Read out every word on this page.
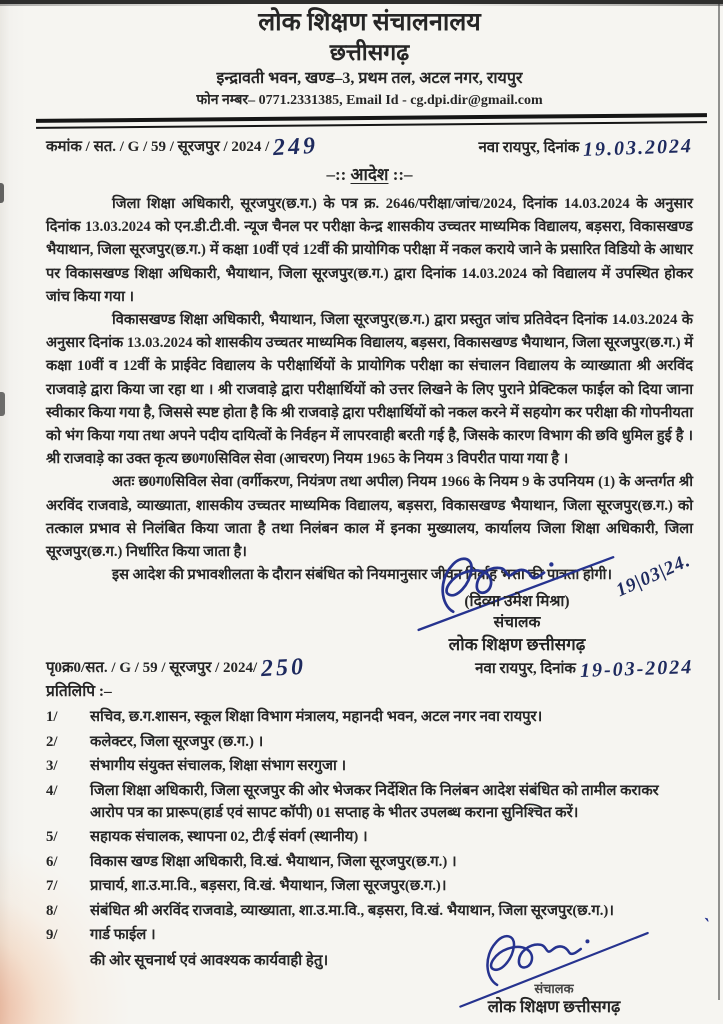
लोक शिक्षण संचालनालय
छत्तीसगढ़
इन्द्रावती भवन, खण्ड–3, प्रथम तल, अटल नगर, रायपुर
फोन नम्बर– 0771.2331385, Email Id - cg.dpi.dir@gmail.com
कमांक / सत. / G / 59 / सूरजपुर / 2024 / 249	नवा रायपुर, दिनांक 19.03.2024
–:: आदेश ::–

जिला शिक्षा अधिकारी, सूरजपुर(छ.ग.) के पत्र क्र. 2646/परीक्षा/जांच/2024, दिनांक 14.03.2024 के अनुसार दिनांक 13.03.2024 को एन.डी.टी.वी. न्यूज चैनल पर परीक्षा केन्द्र शासकीय उच्चतर माध्यमिक विद्यालय, बड़सरा, विकासखण्ड भैयाथान, जिला सूरजपुर(छ.ग.) में कक्षा 10वीं एवं 12वीं की प्रायोगिक परीक्षा में नकल कराये जाने के प्रसारित विडियो के आधार पर विकासखण्ड शिक्षा अधिकारी, भैयाथान, जिला सूरजपुर(छ.ग.) द्वारा दिनांक 14.03.2024 को विद्यालय में उपस्थित होकर जांच किया गया ।

विकासखण्ड शिक्षा अधिकारी, भैयाथान, जिला सूरजपुर(छ.ग.) द्वारा प्रस्तुत जांच प्रतिवेदन दिनांक 14.03.2024 के अनुसार दिनांक 13.03.2024 को शासकीय उच्चतर माध्यमिक विद्यालय, बड़सरा, विकासखण्ड भैयाथान, जिला सूरजपुर(छ.ग.) में कक्षा 10वीं व 12वीं के प्राईवेट विद्यालय के परीक्षार्थियों के प्रायोगिक परीक्षा का संचालन विद्यालय के व्याख्याता श्री अरविंद राजवाड़े द्वारा किया जा रहा था । श्री राजवाड़े द्वारा परीक्षार्थियों को उत्तर लिखने के लिए पुराने प्रेक्टिकल फाईल को दिया जाना स्वीकार किया गया है, जिससे स्पष्ट होता है कि श्री राजवाड़े द्वारा परीक्षार्थियों को नकल करने में सहयोग कर परीक्षा की गोपनीयता को भंग किया गया तथा अपने पदीय दायित्वों के निर्वहन में लापरवाही बरती गई है, जिसके कारण विभाग की छवि धुमिल हुई है । श्री राजवाड़े का उक्त कृत्य छ0ग0सिविल सेवा (आचरण) नियम 1965 के नियम 3 विपरीत पाया गया है ।

अतः छ0ग0सिविल सेवा (वर्गीकरण, नियंत्रण तथा अपील) नियम 1966 के नियम 9 के उपनियम (1) के अन्तर्गत श्री अरविंद राजवाडे, व्याख्याता, शासकीय उच्चतर माध्यमिक विद्यालय, बड़सरा, विकासखण्ड भैयाथान, जिला सूरजपुर(छ.ग.) को तत्काल प्रभाव से निलंबित किया जाता है तथा निलंबन काल में इनका मुख्यालय, कार्यालय जिला शिक्षा अधिकारी, जिला सूरजपुर(छ.ग.) निर्धारित किया जाता है।

इस आदेश की प्रभावशीलता के दौरान संबंधित को नियमानुसार जीवन निर्वाह भत्ता की पात्रता होगी। 19|03|24.
(दिव्या उमेश मिश्रा)
संचालक
लोक शिक्षण छत्तीसगढ़
पृ0क्र0/सत. / G / 59 / सूरजपुर / 2024/ 250	नवा रायपुर, दिनांक 19-03-2024
प्रतिलिपि :–
1/	सचिव, छ.ग.शासन, स्कूल शिक्षा विभाग मंत्रालय, महानदी भवन, अटल नगर नवा रायपुर।
2/	कलेक्टर, जिला सूरजपुर (छ.ग.) ।
3/	संभागीय संयुक्त संचालक, शिक्षा संभाग सरगुजा ।
4/	जिला शिक्षा अधिकारी, जिला सूरजपुर की ओर भेजकर निर्देशित कि निलंबन आदेश संबंधित को तामील कराकर आरोप पत्र का प्रारूप(हार्ड एवं सापट कॉपी) 01 सप्ताह के भीतर उपलब्ध कराना सुनिश्चित करें।
5/	सहायक संचालक, स्थापना 02, टी/ई संवर्ग (स्थानीय) ।
6/	विकास खण्ड शिक्षा अधिकारी, वि.खं. भैयाथान, जिला सूरजपुर(छ.ग.) ।
7/	प्राचार्य, शा.उ.मा.वि., बड़सरा, वि.खं. भैयाथान, जिला सूरजपुर(छ.ग.)।
8/	संबंधित श्री अरविंद राजवाडे, व्याख्याता, शा.उ.मा.वि., बड़सरा, वि.खं. भैयाथान, जिला सूरजपुर(छ.ग.)।
9/	गार्ड फाईल ।
की ओर सूचनार्थ एवं आवश्यक कार्यवाही हेतु।
संचालक
लोक शिक्षण छत्तीसगढ़
`
